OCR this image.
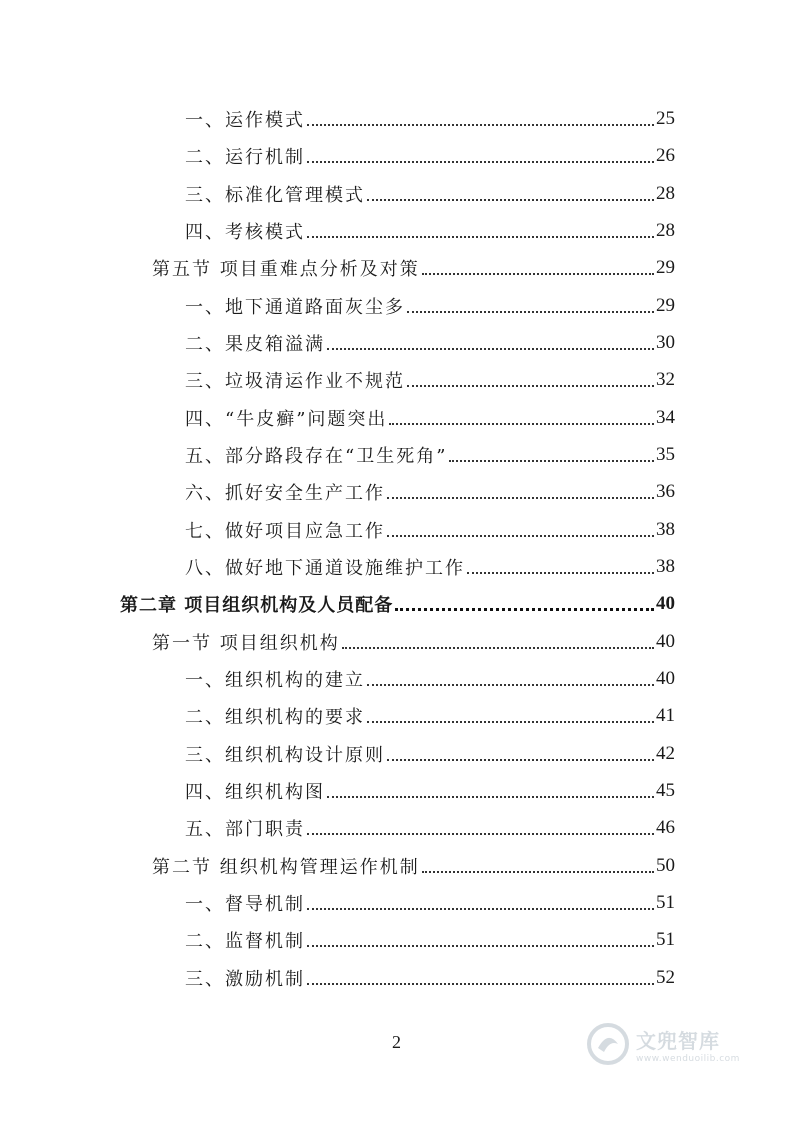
一、运作模式	25
二、运行机制	26
三、标准化管理模式	28
四、考核模式	28
第五节 项目重难点分析及对策	29
一、地下通道路面灰尘多	29
二、果皮箱溢满	30
三、垃圾清运作业不规范	32
四、“牛皮癣”问题突出	34
五、部分路段存在“卫生死角”	35
六、抓好安全生产工作	36
七、做好项目应急工作	38
八、做好地下通道设施维护工作	38
第二章 项目组织机构及人员配备	40
第一节 项目组织机构	40
一、组织机构的建立	40
二、组织机构的要求	41
三、组织机构设计原则	42
四、组织机构图	45
五、部门职责	46
第二节 组织机构管理运作机制	50
一、督导机制	51
二、监督机制	51
三、激励机制	52
2	文兜智库
www.wenduoilib.com
